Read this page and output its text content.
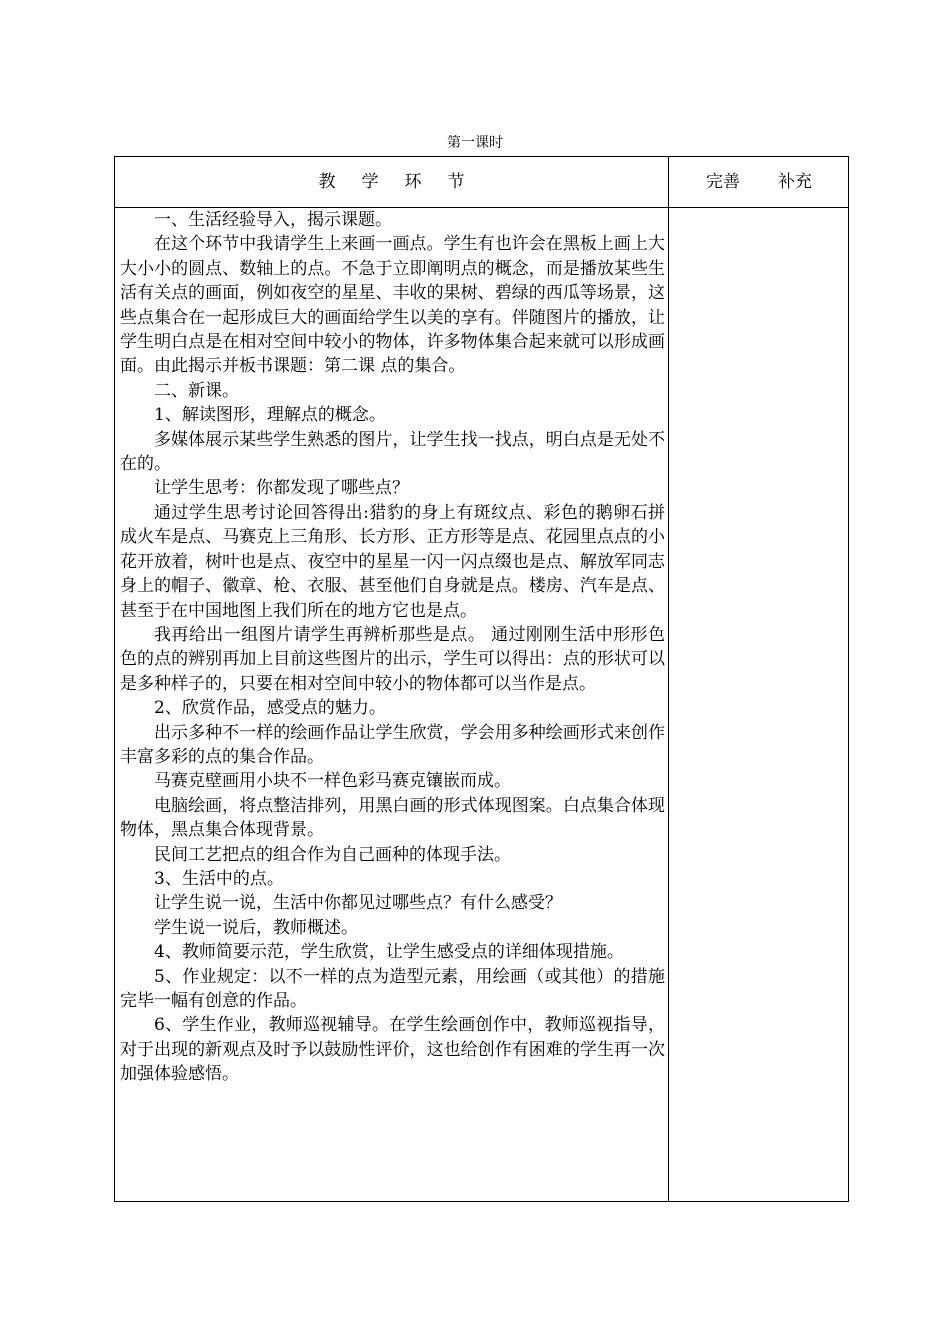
第一课时
教学环节	完善 补充

一、生活经验导入，揭示课题。

在这个环节中我请学生上来画一画点。学生有也许会在黑板上画上大大小小的圆点、数轴上的点。不急于立即阐明点的概念，而是播放某些生活有关点的画面，例如夜空的星星、丰收的果树、碧绿的西瓜等场景，这些点集合在一起形成巨大的画面给学生以美的享有。伴随图片的播放，让学生明白点是在相对空间中较小的物体，许多物体集合起来就可以形成画面。由此揭示并板书课题：第二课 点的集合。

二、新课。

1、解读图形，理解点的概念。

多媒体展示某些学生熟悉的图片，让学生找一找点，明白点是无处不在的。

让学生思考：你都发现了哪些点？

通过学生思考讨论回答得出:猎豹的身上有斑纹点、彩色的鹅卵石拼成火车是点、马赛克上三角形、长方形、正方形等是点、花园里点点的小花开放着，树叶也是点、夜空中的星星一闪一闪点缀也是点、解放军同志身上的帽子、徽章、枪、衣服、甚至他们自身就是点。楼房、汽车是点、甚至于在中国地图上我们所在的地方它也是点。

我再给出一组图片请学生再辨析那些是点。 通过刚刚生活中形形色色的点的辨别再加上目前这些图片的出示，学生可以得出：点的形状可以是多种样子的，只要在相对空间中较小的物体都可以当作是点。

2、欣赏作品，感受点的魅力。

出示多种不一样的绘画作品让学生欣赏，学会用多种绘画形式来创作丰富多彩的点的集合作品。

马赛克壁画用小块不一样色彩马赛克镶嵌而成。

电脑绘画，将点整洁排列，用黑白画的形式体现图案。白点集合体现物体，黑点集合体现背景。

民间工艺把点的组合作为自己画种的体现手法。

3、生活中的点。

让学生说一说，生活中你都见过哪些点？有什么感受？

学生说一说后，教师概述。

4、教师简要示范，学生欣赏，让学生感受点的详细体现措施。

5、作业规定：以不一样的点为造型元素，用绘画（或其他）的措施完毕一幅有创意的作品。

6、学生作业，教师巡视辅导。在学生绘画创作中，教师巡视指导，对于出现的新观点及时予以鼓励性评价，这也给创作有困难的学生再一次加强体验感悟。
